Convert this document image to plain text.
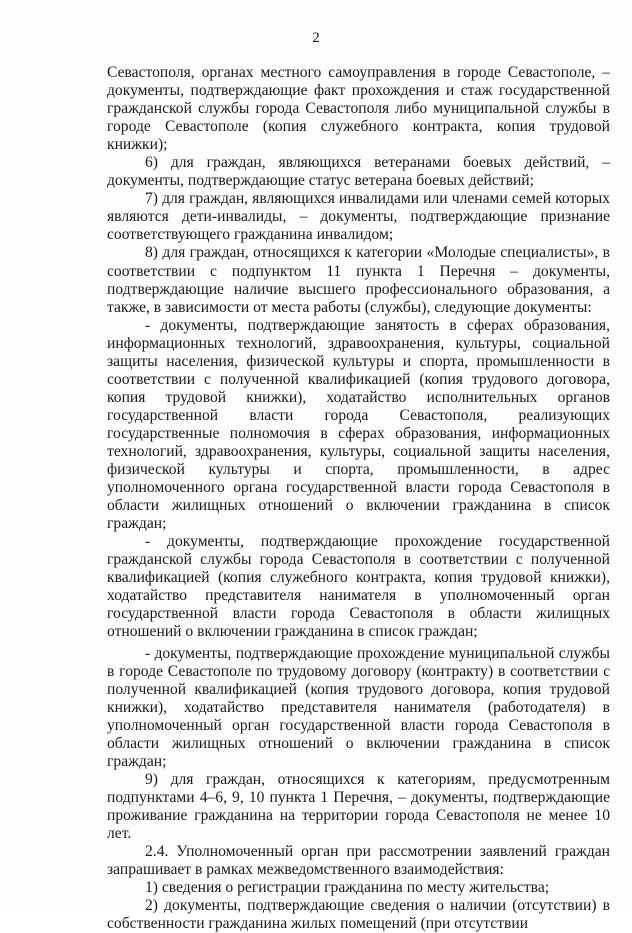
2

Севастополя, органах местного самоуправления в городе Севастополе, – документы, подтверждающие факт прохождения и стаж государственной гражданской службы города Севастополя либо муниципальной службы в городе Севастополе (копия служебного контракта, копия трудовой книжки);

6) для граждан, являющихся ветеранами боевых действий, – документы, подтверждающие статус ветерана боевых действий;

7) для граждан, являющихся инвалидами или членами семей которых являются дети-инвалиды, – документы, подтверждающие признание соответствующего гражданина инвалидом;

8) для граждан, относящихся к категории «Молодые специалисты», в соответствии с подпунктом 11 пункта 1 Перечня – документы, подтверждающие наличие высшего профессионального образования, а также, в зависимости от места работы (службы), следующие документы:

- документы, подтверждающие занятость в сферах образования, информационных технологий, здравоохранения, культуры, социальной защиты населения, физической культуры и спорта, промышленности в соответствии с полученной квалификацией (копия трудового договора, копия трудовой книжки), ходатайство исполнительных органов государственной власти города Севастополя, реализующих государственные полномочия в сферах образования, информационных технологий, здравоохранения, культуры, социальной защиты населения, физической культуры и спорта, промышленности, в адрес уполномоченного органа государственной власти города Севастополя в области жилищных отношений о включении гражданина в список граждан;

- документы, подтверждающие прохождение государственной гражданской службы города Севастополя в соответствии с полученной квалификацией (копия служебного контракта, копия трудовой книжки), ходатайство представителя нанимателя в уполномоченный орган государственной власти города Севастополя в области жилищных отношений о включении гражданина в список граждан;

- документы, подтверждающие прохождение муниципальной службы в городе Севастополе по трудовому договору (контракту) в соответствии с полученной квалификацией (копия трудового договора, копия трудовой книжки), ходатайство представителя нанимателя (работодателя) в уполномоченный орган государственной власти города Севастополя в области жилищных отношений о включении гражданина в список граждан;

9) для граждан, относящихся к категориям, предусмотренным подпунктами 4–6, 9, 10 пункта 1 Перечня, – документы, подтверждающие проживание гражданина на территории города Севастополя не менее 10 лет.

2.4. Уполномоченный орган при рассмотрении заявлений граждан запрашивает в рамках межведомственного взаимодействия:

1) сведения о регистрации гражданина по месту жительства;

2) документы, подтверждающие сведения о наличии (отсутствии) в собственности гражданина жилых помещений (при отсутствии
